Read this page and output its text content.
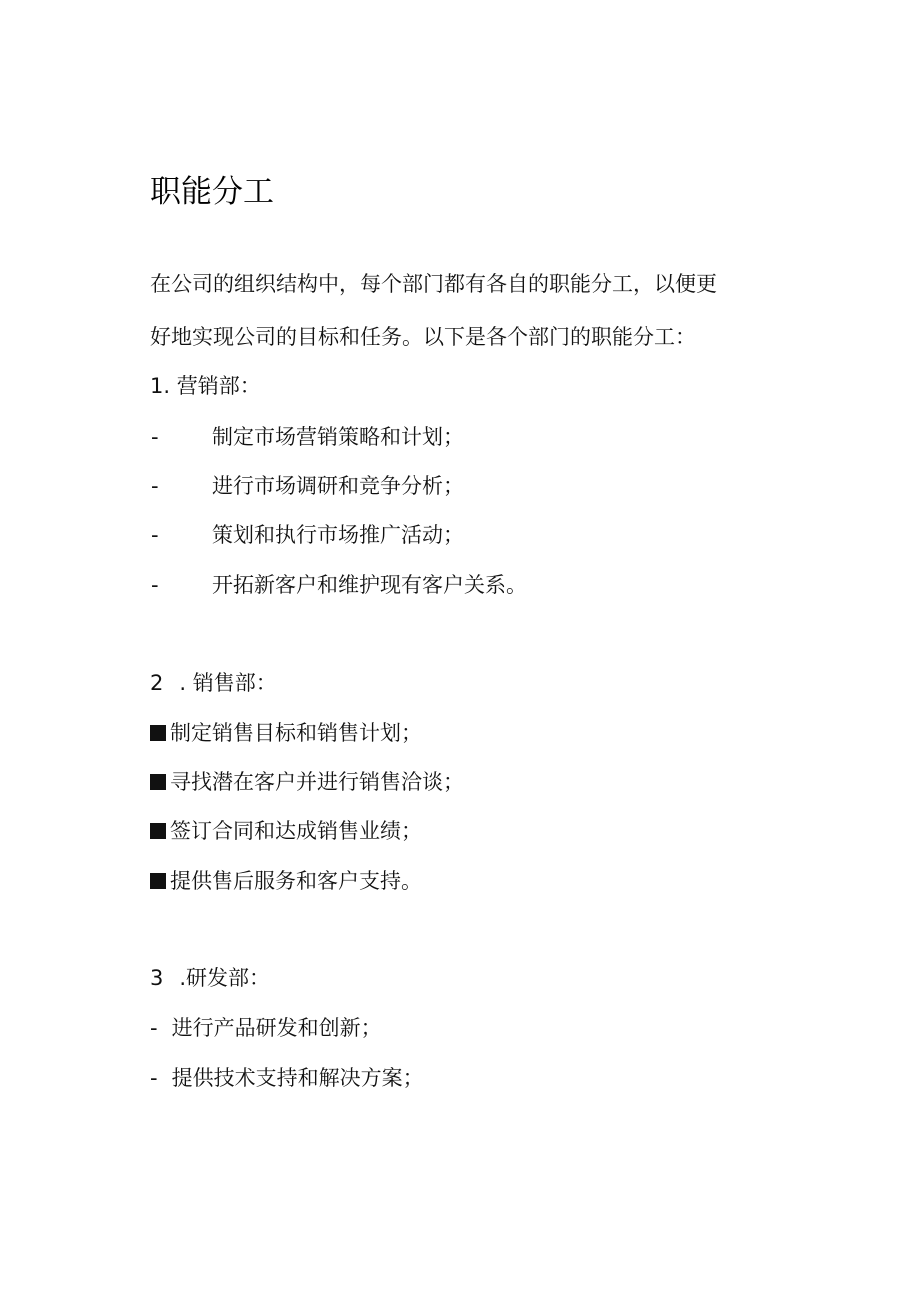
职能分工
在公司的组织结构中，每个部门都有各自的职能分工，以便更
好地实现公司的目标和任务。以下是各个部门的职能分工：
1. 营销部：
-	制定市场营销策略和计划；
-	进行市场调研和竞争分析；
-	策划和执行市场推广活动；
-	开拓新客户和维护现有客户关系。
2 . 销售部：
制定销售目标和销售计划；
寻找潜在客户并进行销售洽谈；
签订合同和达成销售业绩；
提供售后服务和客户支持。
3 .研发部：
- 进行产品研发和创新；
- 提供技术支持和解决方案；
